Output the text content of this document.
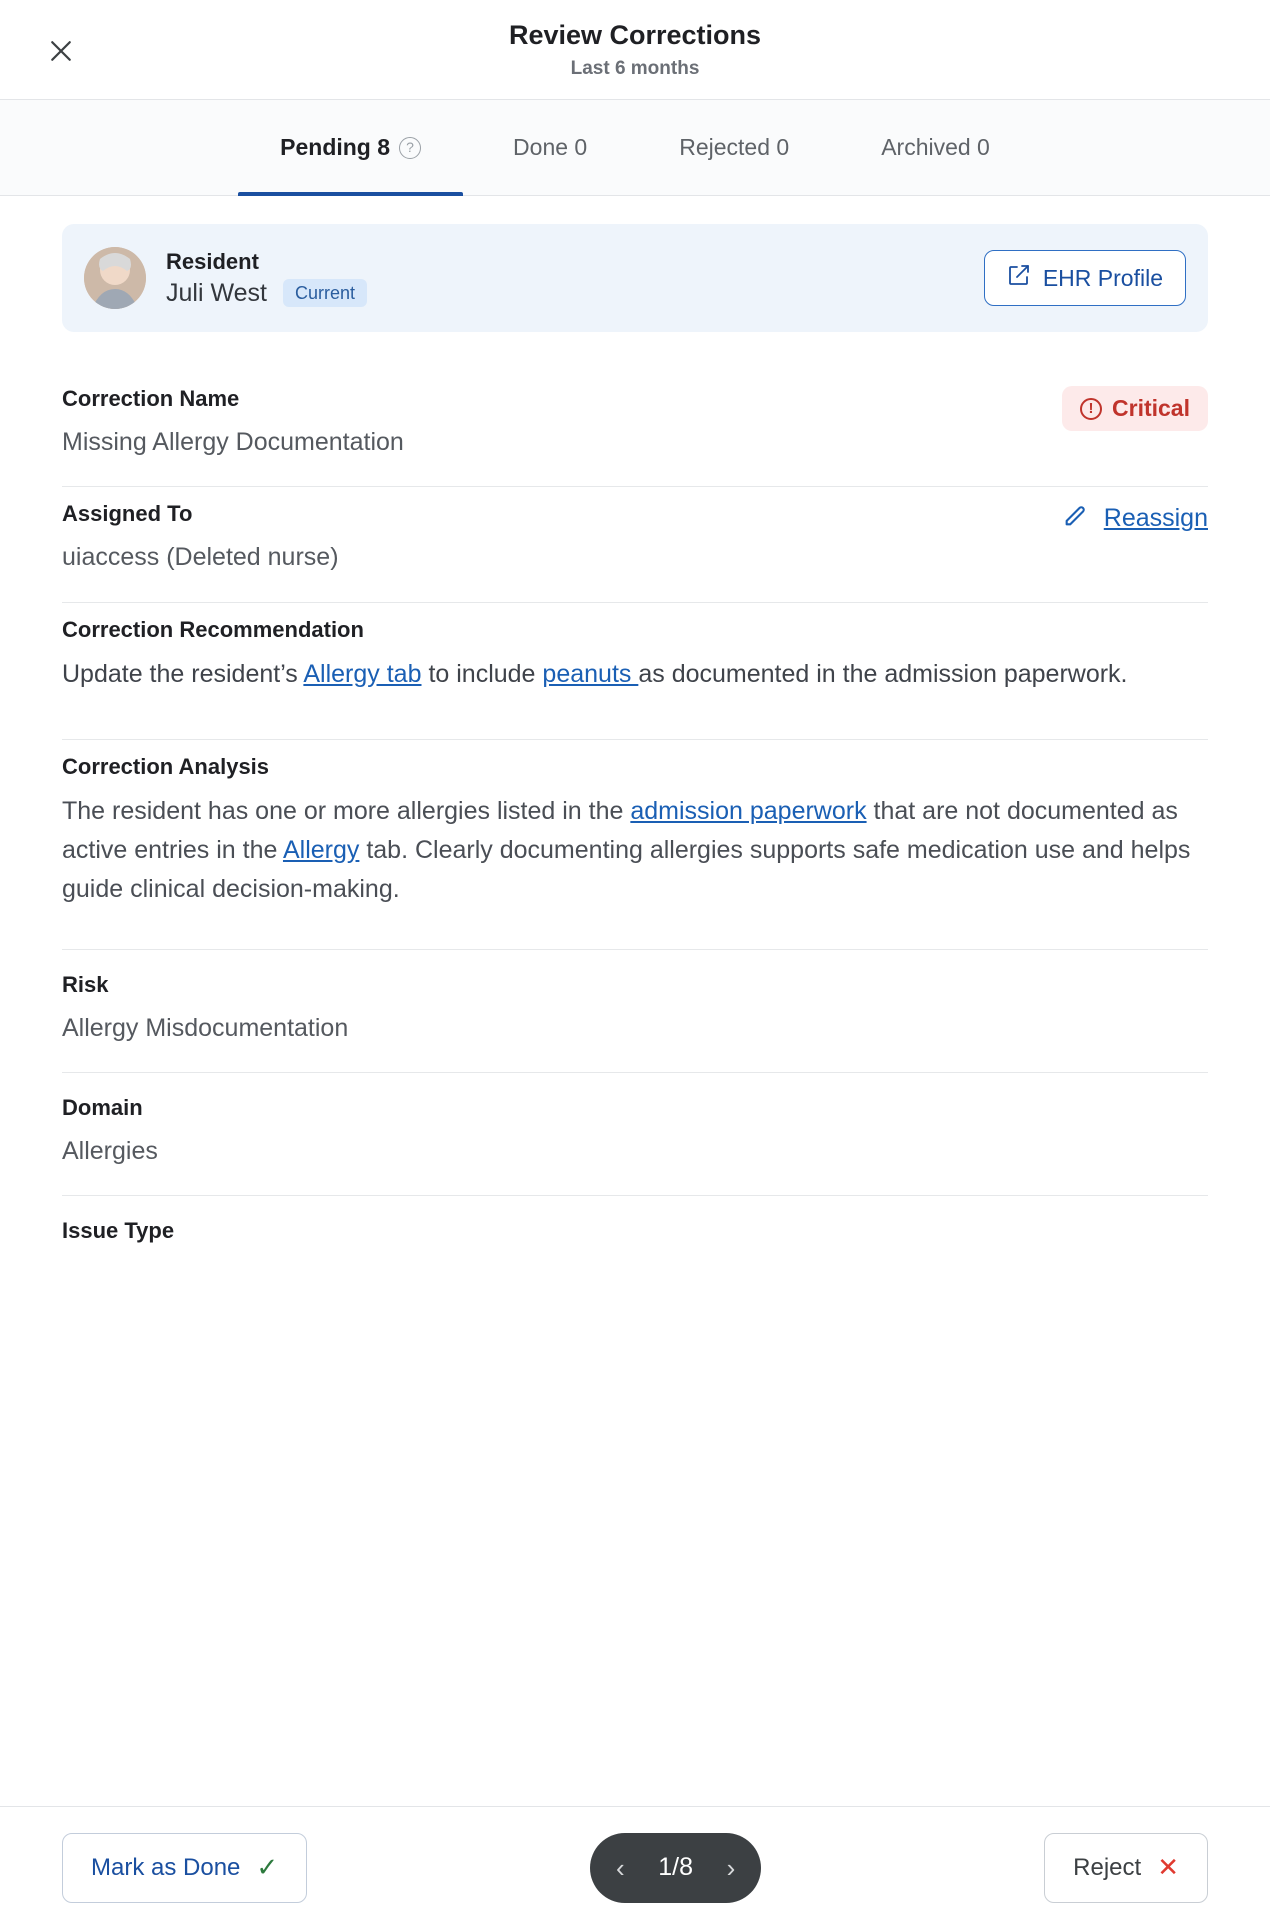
Review Corrections
Last 6 months
Pending 8	?	Done 0	Rejected 0	Archived 0
Resident
Juli West	Current
EHR Profile
Correction Name
Missing Allergy Documentation
! Critical
Assigned To
uiaccess (Deleted nurse)
Reassign
Correction Recommendation
Update the resident’s Allergy tab to include peanuts as documented in the admission paperwork.
Correction Analysis
The resident has one or more allergies listed in the admission paperwork that are not documented as active entries in the Allergy tab. Clearly documenting allergies supports safe medication use and helps guide clinical decision-making.
Risk
Allergy Misdocumentation
Domain
Allergies
Issue Type
Mark as Done ✓	‹	1/8	›	Reject ✕
